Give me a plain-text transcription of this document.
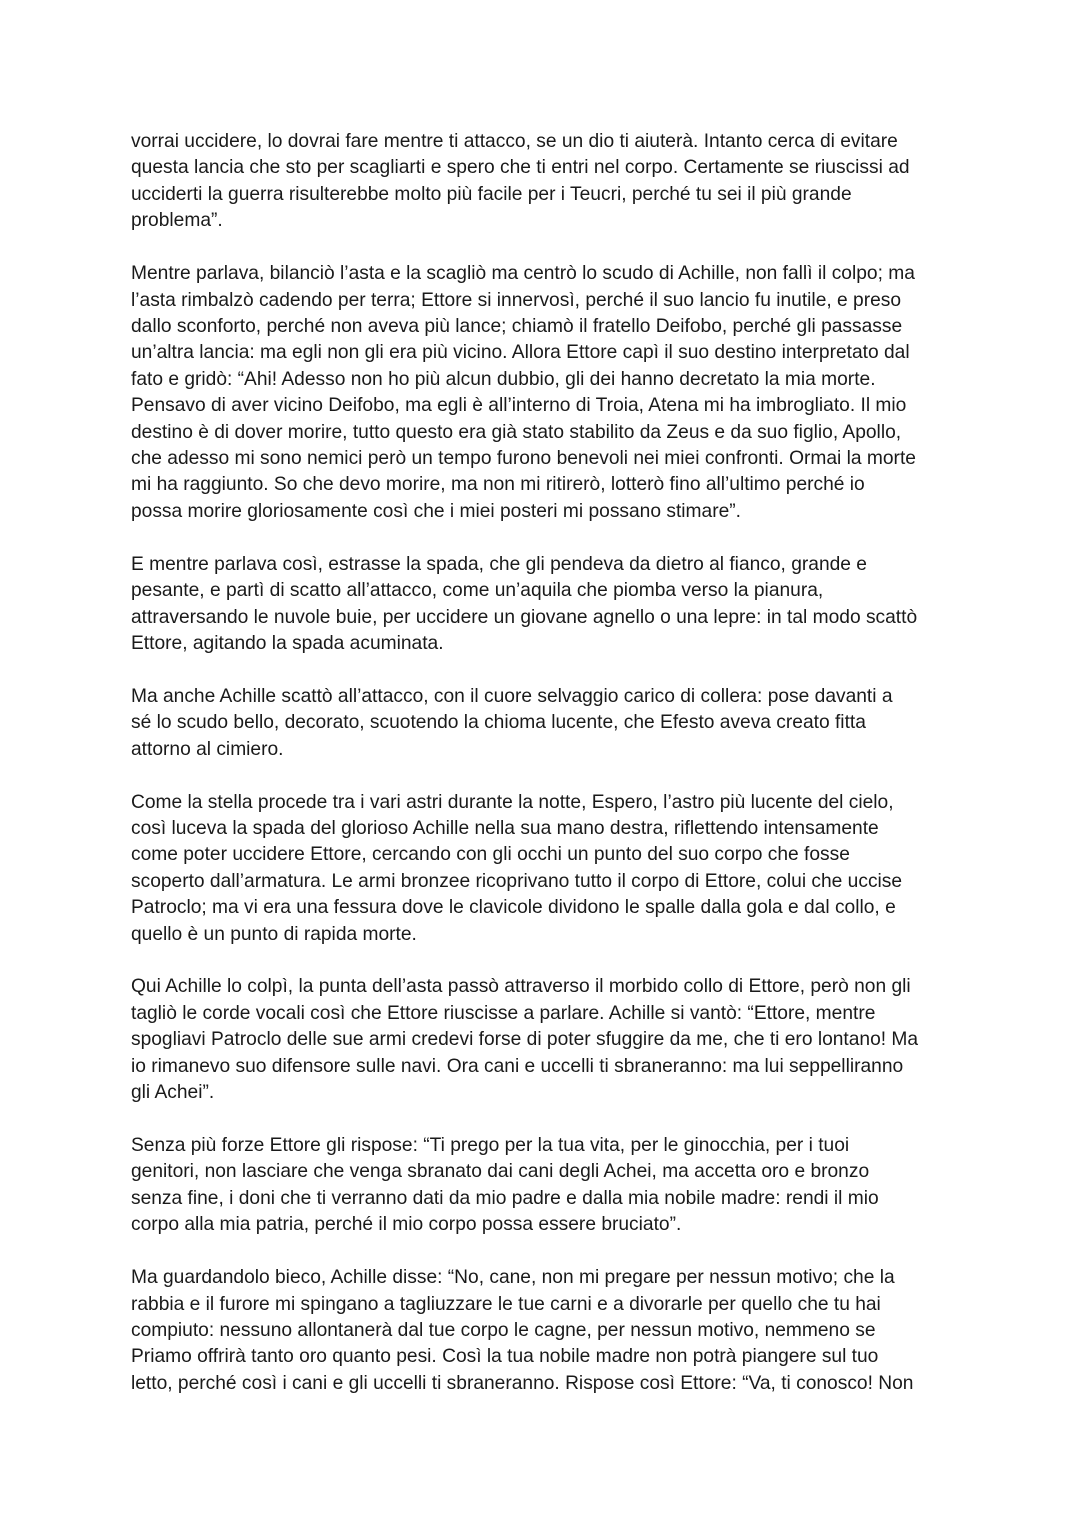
vorrai uccidere, lo dovrai fare mentre ti attacco, se un dio ti aiuterà. Intanto cerca di evitare
questa lancia che sto per scagliarti e spero che ti entri nel corpo. Certamente se riuscissi ad
ucciderti la guerra risulterebbe molto più facile per i Teucri, perché tu sei il più grande
problema”.

Mentre parlava, bilanciò l’asta e la scagliò ma centrò lo scudo di Achille, non fallì il colpo; ma
l’asta rimbalzò cadendo per terra; Ettore si innervosì, perché il suo lancio fu inutile, e preso
dallo sconforto, perché non aveva più lance; chiamò il fratello Deifobo, perché gli passasse
un’altra lancia: ma egli non gli era più vicino. Allora Ettore capì il suo destino interpretato dal
fato e gridò: “Ahi! Adesso non ho più alcun dubbio, gli dei hanno decretato la mia morte.
Pensavo di aver vicino Deifobo, ma egli è all’interno di Troia, Atena mi ha imbrogliato. Il mio
destino è di dover morire, tutto questo era già stato stabilito da Zeus e da suo figlio, Apollo,
che adesso mi sono nemici però un tempo furono benevoli nei miei confronti. Ormai la morte
mi ha raggiunto. So che devo morire, ma non mi ritirerò, lotterò fino all’ultimo perché io
possa morire gloriosamente così che i miei posteri mi possano stimare”.

E mentre parlava così, estrasse la spada, che gli pendeva da dietro al fianco, grande e
pesante, e partì di scatto all’attacco, come un’aquila che piomba verso la pianura,
attraversando le nuvole buie, per uccidere un giovane agnello o una lepre: in tal modo scattò
Ettore, agitando la spada acuminata.

Ma anche Achille scattò all’attacco, con il cuore selvaggio carico di collera: pose davanti a
sé lo scudo bello, decorato, scuotendo la chioma lucente, che Efesto aveva creato fitta
attorno al cimiero.

Come la stella procede tra i vari astri durante la notte, Espero, l’astro più lucente del cielo,
così luceva la spada del glorioso Achille nella sua mano destra, riflettendo intensamente
come poter uccidere Ettore, cercando con gli occhi un punto del suo corpo che fosse
scoperto dall’armatura. Le armi bronzee ricoprivano tutto il corpo di Ettore, colui che uccise
Patroclo; ma vi era una fessura dove le clavicole dividono le spalle dalla gola e dal collo, e
quello è un punto di rapida morte.

Qui Achille lo colpì, la punta dell’asta passò attraverso il morbido collo di Ettore, però non gli
tagliò le corde vocali così che Ettore riuscisse a parlare. Achille si vantò: “Ettore, mentre
spogliavi Patroclo delle sue armi credevi forse di poter sfuggire da me, che ti ero lontano! Ma
io rimanevo suo difensore sulle navi. Ora cani e uccelli ti sbraneranno: ma lui seppelliranno
gli Achei”.

Senza più forze Ettore gli rispose: “Ti prego per la tua vita, per le ginocchia, per i tuoi
genitori, non lasciare che venga sbranato dai cani degli Achei, ma accetta oro e bronzo
senza fine, i doni che ti verranno dati da mio padre e dalla mia nobile madre: rendi il mio
corpo alla mia patria, perché il mio corpo possa essere bruciato”.

Ma guardandolo bieco, Achille disse: “No, cane, non mi pregare per nessun motivo; che la
rabbia e il furore mi spingano a tagliuzzare le tue carni e a divorarle per quello che tu hai
compiuto: nessuno allontanerà dal tue corpo le cagne, per nessun motivo, nemmeno se
Priamo offrirà tanto oro quanto pesi. Così la tua nobile madre non potrà piangere sul tuo
letto, perché così i cani e gli uccelli ti sbraneranno. Rispose così Ettore: “Va, ti conosco! Non
